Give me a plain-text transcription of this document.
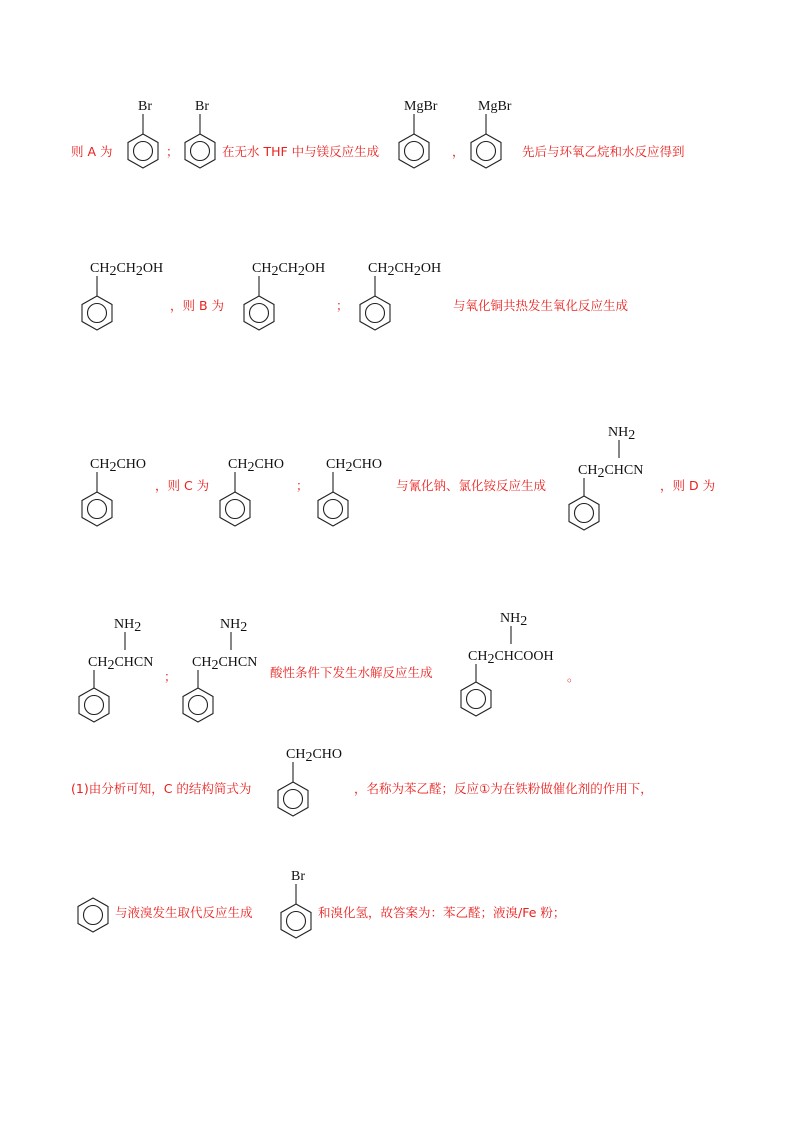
则 A 为
Br
；
Br
在无水 THF 中与镁反应生成
MgBr
，
MgBr
先后与环氧乙烷和水反应得到
CH2CH2OH
，则 B 为
CH2CH2OH
；
CH2CH2OH
与氧化铜共热发生氧化反应生成
CH2CHO
，则 C 为
CH2CHO
；
CH2CHO
与氰化钠、氯化铵反应生成
NH2
CH2CHCN
，则 D 为
NH2
CH2CHCN
；
NH2
CH2CHCN
酸性条件下发生水解反应生成
NH2
CH2CHCOOH
。
(1)由分析可知，C 的结构简式为
CH2CHO
，名称为苯乙醛；反应①为在铁粉做催化剂的作用下，
与液溴发生取代反应生成
Br
和溴化氢，故答案为：苯乙醛；液溴/Fe 粉；
